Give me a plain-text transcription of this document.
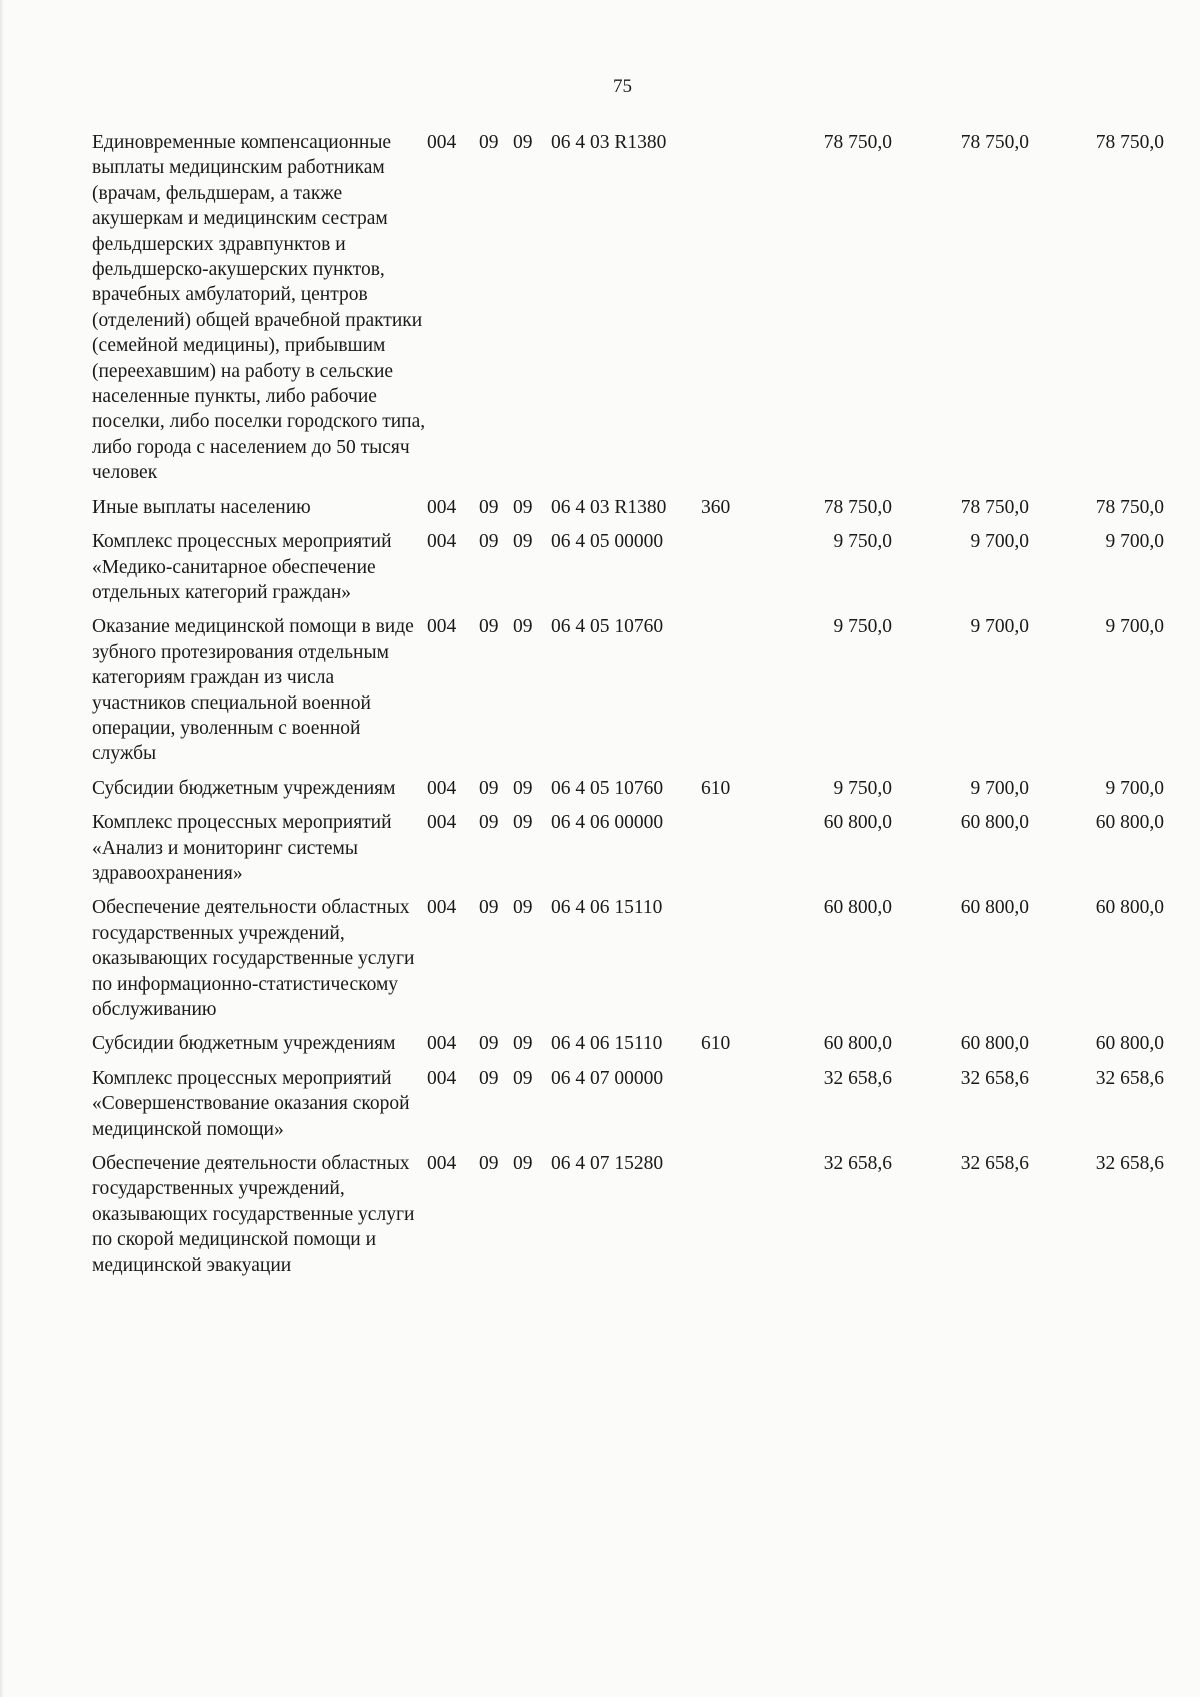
75
Единовременные компенсационные выплаты медицинским работникам (врачам, фельдшерам, а также акушеркам и медицинским сестрам фельдшерских здравпунктов и фельдшерско-акушерских пунктов, врачебных амбулаторий, центров (отделений) общей врачебной практики (семейной медицины), прибывшим (переехавшим) на работу в сельские населенные пункты, либо рабочие поселки, либо поселки городского типа, либо города с населением до 50 тысяч человек	004	09	09	06 4 03 R1380		78 750,0	78 750,0	78 750,0
Иные выплаты населению	004	09	09	06 4 03 R1380	360	78 750,0	78 750,0	78 750,0
Комплекс процессных мероприятий «Медико-санитарное обеспечение отдельных категорий граждан»	004	09	09	06 4 05 00000		9 750,0	9 700,0	9 700,0
Оказание медицинской помощи в виде зубного протезирования отдельным категориям граждан из числа участников специальной военной операции, уволенным с военной службы	004	09	09	06 4 05 10760		9 750,0	9 700,0	9 700,0
Субсидии бюджетным учреждениям	004	09	09	06 4 05 10760	610	9 750,0	9 700,0	9 700,0
Комплекс процессных мероприятий «Анализ и мониторинг системы здравоохранения»	004	09	09	06 4 06 00000		60 800,0	60 800,0	60 800,0
Обеспечение деятельности областных государственных учреждений, оказывающих государственные услуги по информационно-статистическому обслуживанию	004	09	09	06 4 06 15110		60 800,0	60 800,0	60 800,0
Субсидии бюджетным учреждениям	004	09	09	06 4 06 15110	610	60 800,0	60 800,0	60 800,0
Комплекс процессных мероприятий «Совершенствование оказания скорой медицинской помощи»	004	09	09	06 4 07 00000		32 658,6	32 658,6	32 658,6
Обеспечение деятельности областных государственных учреждений, оказывающих государственные услуги по скорой медицинской помощи и медицинской эвакуации	004	09	09	06 4 07 15280		32 658,6	32 658,6	32 658,6
